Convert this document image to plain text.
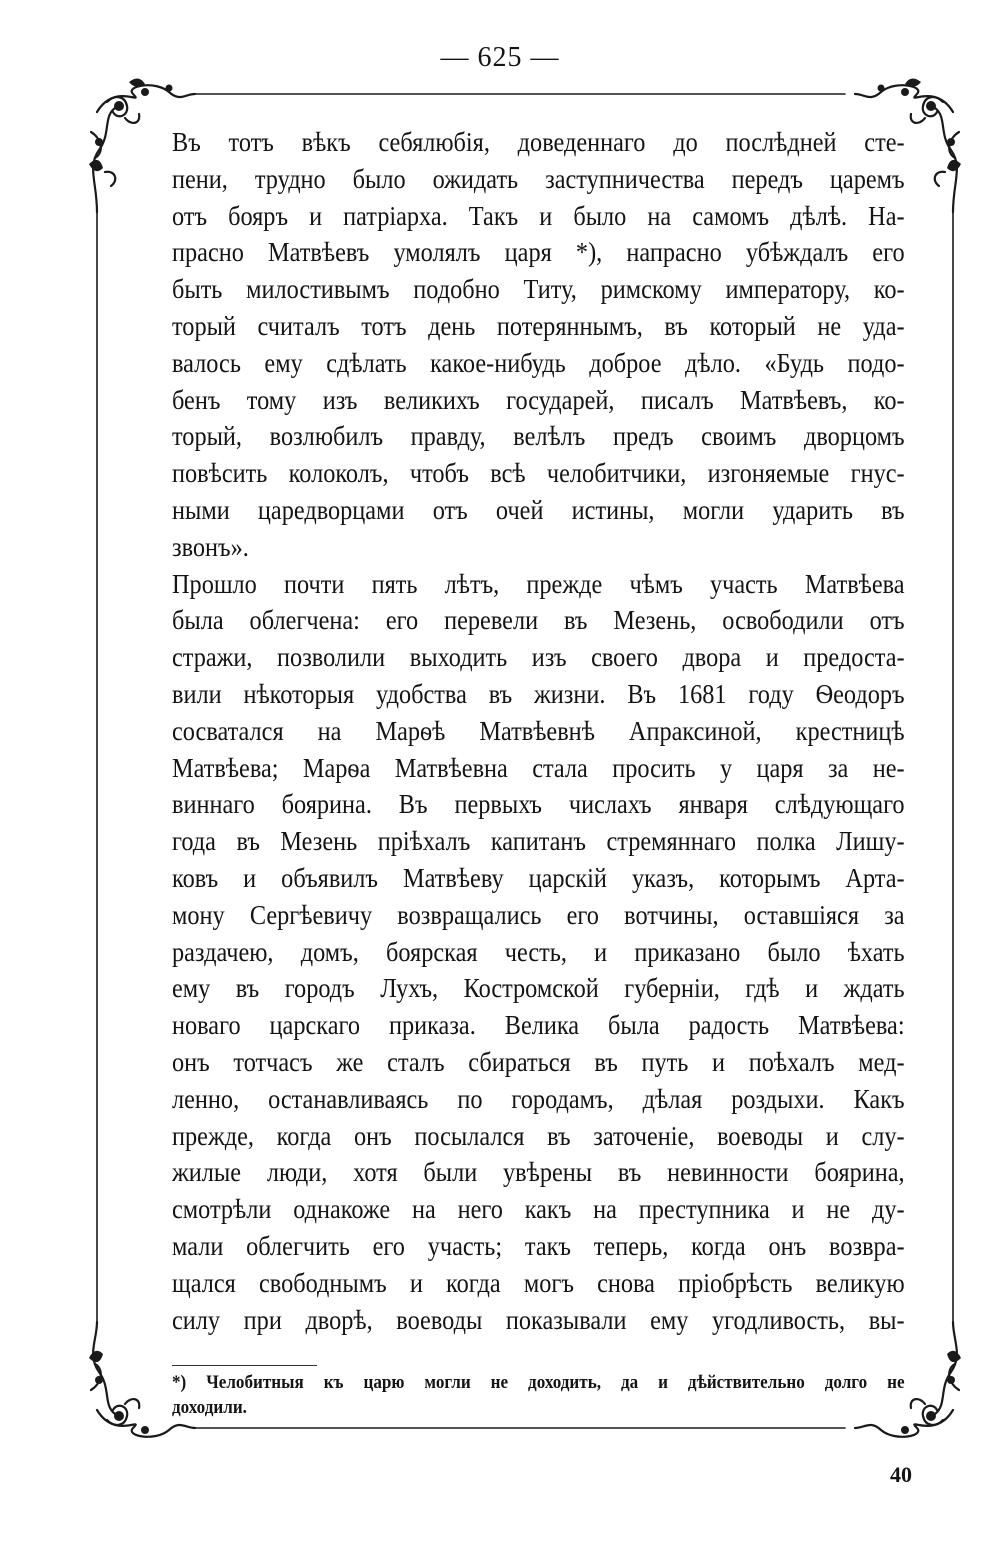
— 625 —
Въ тотъ вѣкъ себялюбія, доведеннаго до послѣдней сте-
пени, трудно было ожидать заступничества передъ царемъ
отъ бояръ и патріарха. Такъ и было на самомъ дѣлѣ. На-
прасно Матвѣевъ умолялъ царя *), напрасно убѣждалъ его
быть милостивымъ подобно Титу, римскому императору, ко-
торый считалъ тотъ день потеряннымъ, въ который не уда-
валось ему сдѣлать какое-нибудь доброе дѣло. «Будь подо-
бенъ тому изъ великихъ государей, писалъ Матвѣевъ, ко-
торый, возлюбилъ правду, велѣлъ предъ своимъ дворцомъ
повѣсить колоколъ, чтобъ всѣ челобитчики, изгоняемые гнус-
ными царедворцами отъ очей истины, могли ударить въ
звонъ».
Прошло почти пять лѣтъ, прежде чѣмъ участь Матвѣева
была облегчена: его перевели въ Мезень, освободили отъ
стражи, позволили выходить изъ своего двора и предоста-
вили нѣкоторыя удобства въ жизни. Въ 1681 году Ѳеодоръ
сосватался на Марѳѣ Матвѣевнѣ Апраксиной, крестницѣ
Матвѣева; Марѳа Матвѣевна стала просить у царя за не-
виннаго боярина. Въ первыхъ числахъ января слѣдующаго
года въ Мезень пріѣхалъ капитанъ стремяннаго полка Лишу-
ковъ и объявилъ Матвѣеву царскій указъ, которымъ Арта-
мону Сергѣевичу возвращались его вотчины, оставшіяся за
раздачею, домъ, боярская честь, и приказано было ѣхать
ему въ городъ Лухъ, Костромской губерніи, гдѣ и ждать
новаго царскаго приказа. Велика была радость Матвѣева:
онъ тотчасъ же сталъ сбираться въ путь и поѣхалъ мед-
ленно, останавливаясь по городамъ, дѣлая роздыхи. Какъ
прежде, когда онъ посылался въ заточеніе, воеводы и слу-
жилые люди, хотя были увѣрены въ невинности боярина,
смотрѣли однакоже на него какъ на преступника и не ду-
мали облегчить его участь; такъ теперь, когда онъ возвра-
щался свободнымъ и когда могъ снова пріобрѣсть великую
силу при дворѣ, воеводы показывали ему угодливость, вы-
*) Челобитныя къ царю могли не доходить, да и дѣйствительно долго не
доходили.
40
